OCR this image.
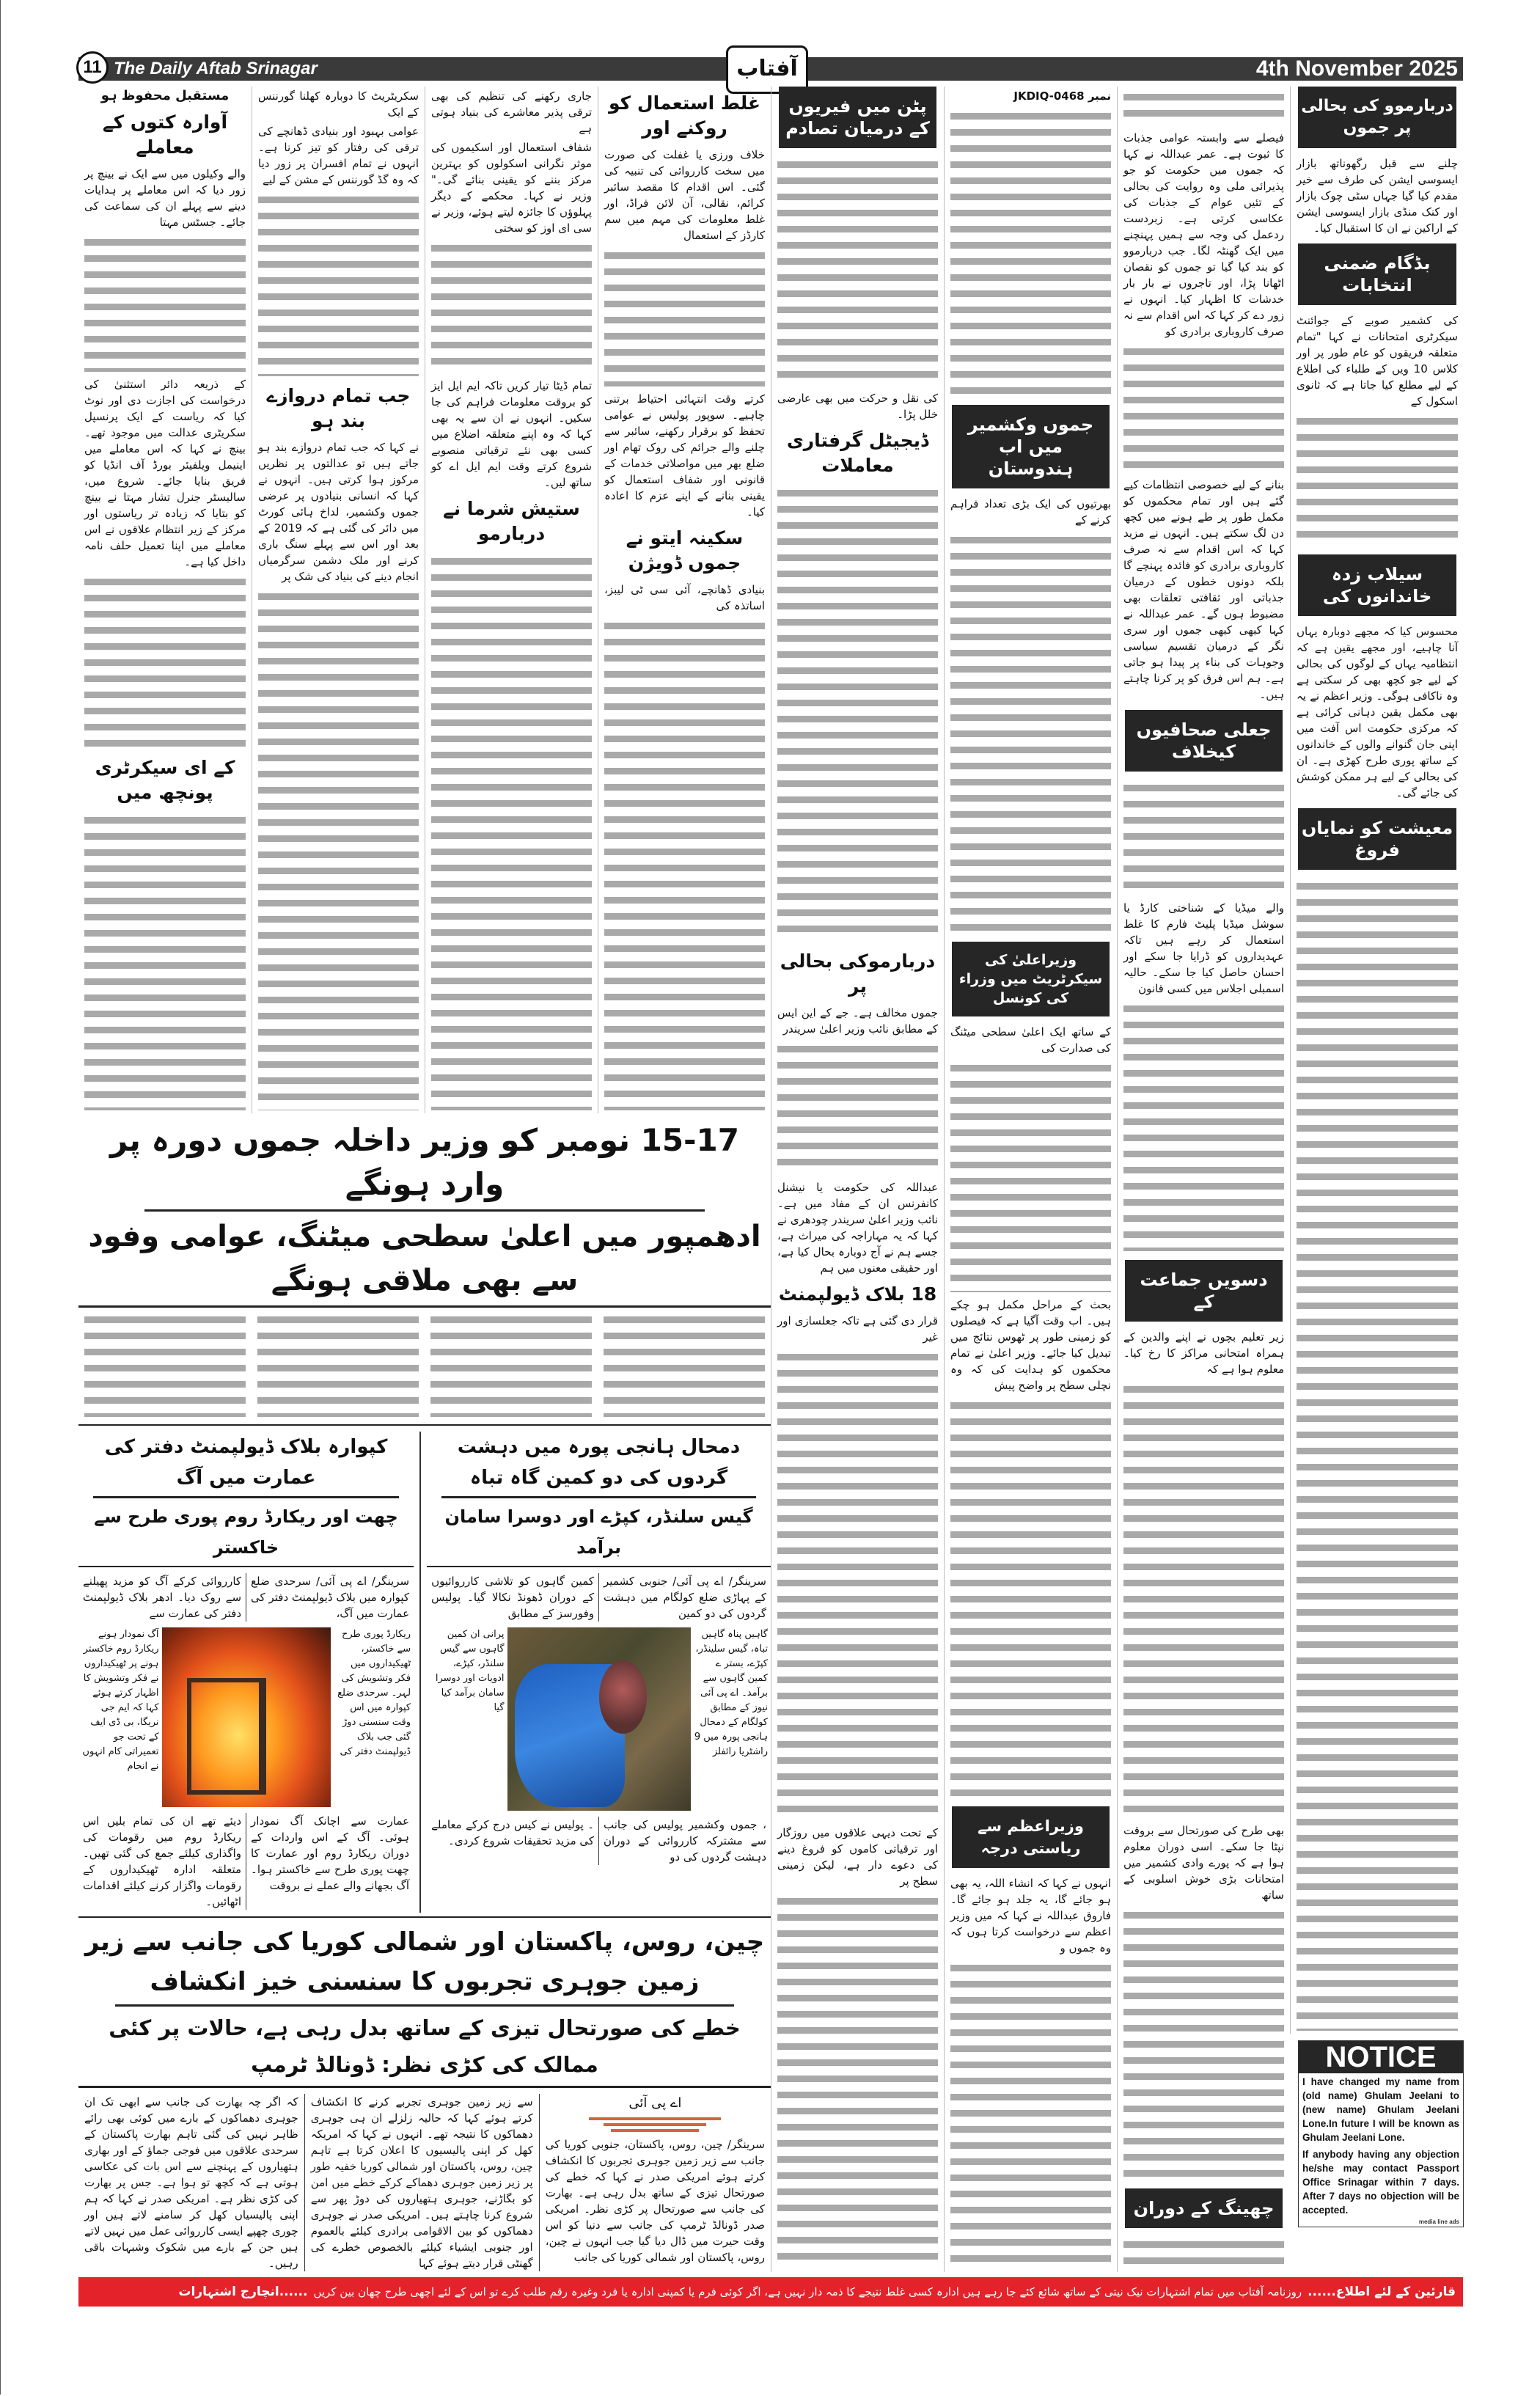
11 The Daily Aftab Srinagar	آفتاب	4th November 2025
مستقبل محفوظ ہو
آوارہ کتوں کے معاملے
والے وکیلوں میں سے ایک نے بینچ پر زور دیا کہ اس معاملے پر ہدایات دینے سے پہلے ان کی سماعت کی جائے۔ جسٹس مہتا
کے ذریعہ دائر استثنیٰ کی درخواست کی اجازت دی اور نوٹ کیا کہ ریاست کے ایک پرنسپل سکریٹری عدالت میں موجود تھے۔ بینچ نے کہا کہ اس معاملے میں اینیمل ویلفیئر بورڈ آف انڈیا کو فریق بنایا جائے۔ شروع میں، سالیسٹر جنرل تشار مہتا نے بینچ کو بتایا کہ زیادہ تر ریاستوں اور مرکز کے زیر انتظام علاقوں نے اس معاملے میں اپنا تعمیل حلف نامہ داخل کیا ہے۔
کے ای سیکرٹری پونچھ میں
سکریٹریٹ کا دوبارہ کھلنا گورننس کے ایک
عوامی بہبود اور بنیادی ڈھانچے کی ترقی کی رفتار کو تیز کرنا ہے۔ انہوں نے تمام افسران پر زور دیا کہ وہ گڈ گورننس کے مشن کے لیے
جب تمام دروازے بند ہو
نے کہا کہ جب تمام دروازے بند ہو جاتے ہیں تو عدالتوں پر نظریں مرکوز ہوا کرتی ہیں۔ انہوں نے کہا کہ انسانی بنیادوں پر عرضی جموں وکشمیر، لداخ ہائی کورٹ میں دائر کی گئی ہے کہ 2019 کے بعد اور اس سے پہلے سنگ باری کرنے اور ملک دشمن سرگرمیاں انجام دینے کی بنیاد کی شک پر
جاری رکھنے کی تنظیم کی بھی ترقی پذیر معاشرے کی بنیاد ہوتی ہے
شفاف استعمال اور اسکیموں کی موثر نگرانی اسکولوں کو بہترین مرکز بننے کو یقینی بنائے گی۔" وزیر نے کہا۔ محکمے کے دیگر پہلوؤں کا جائزہ لیتے ہوئے، وزیر نے سی ای اوز کو سختی
تمام ڈیٹا تیار کریں تاکہ ایم ایل ایز کو بروقت معلومات فراہم کی جا سکیں۔ انہوں نے ان سے یہ بھی کہا کہ وہ اپنے متعلقہ اضلاع میں کسی بھی نئے ترقیاتی منصوبے شروع کرتے وقت ایم ایل اے کو ساتھ لیں۔
ستیش شرما نے دربارمو
غلط استعمال کو روکنے اور
خلاف ورزی یا غفلت کی صورت میں سخت کارروائی کی تنبیہ کی گئی۔ اس اقدام کا مقصد سائبر کرائم، نقالی، آن لائن فراڈ، اور غلط معلومات کی مہم میں سم کارڈز کے استعمال
کرتے وقت انتہائی احتیاط برتنی چاہیے۔ سوپور پولیس نے عوامی تحفظ کو برقرار رکھنے، سائبر سے چلنے والے جرائم کی روک تھام اور ضلع بھر میں مواصلاتی خدمات کے قانونی اور شفاف استعمال کو یقینی بنانے کے اپنے عزم کا اعادہ کیا۔
سکینہ ایتو نے جموں ڈویژن
بنیادی ڈھانچے، آئی سی ٹی لیبز، اساتذہ کی
15-17 نومبر کو وزیر داخلہ جموں دورہ پر وارد ہونگے
ادھمپور میں اعلیٰ سطحی میٹنگ، عوامی وفود سے بھی ملاقی ہونگے
کپوارہ بلاک ڈیولپمنٹ دفتر کی عمارت میں آگ
چھت اور ریکارڈ روم پوری طرح سے خاکستر
کارروائی کرکے آگ کو مزید پھیلنے سے روک دیا۔ ادھر بلاک ڈیولپمنٹ دفتر کی عمارت سے
سرینگر/ اے پی آئی/ سرحدی ضلع کپوارہ میں بلاک ڈیولپمنٹ دفتر کی عمارت میں آگ،
آگ نمودار ہونے ریکارڈ روم خاکستر ہونے پر ٹھیکیداروں نے فکر وتشویش کا اظہار کرتے ہوئے کہا کہ ایم جی نریگا، بی ڈی ایف کے تحت جو تعمیراتی کام انہوں نے انجام
ریکارڈ پوری طرح سے خاکستر، ٹھیکیداروں میں فکر وتشویش کی لہر۔ سرحدی ضلع کپوارہ میں اس وقت سنسنی دوڑ گئی جب بلاک ڈیولپمنٹ دفتر کی
دیئے تھے ان کی تمام بلیں اس ریکارڈ روم میں رقومات کی واگذاری کیلئے جمع کی گئی تھیں۔ متعلقہ ادارہ ٹھیکیداروں کے رقومات واگزار کرنے کیلئے اقدامات اٹھائیں۔
عمارت سے اچانک آگ نمودار ہوئی۔ آگ کے اس واردات کے دوران ریکارڈ روم اور عمارت کا چھت پوری طرح سے خاکستر ہوا۔ آگ بجھانے والے عملے نے بروقت
دمحال ہانجی پورہ میں دہشت گردوں کی دو کمین گاہ تباہ
گیس سلنڈر، کپڑے اور دوسرا سامان برآمد
کمین گاہوں کو تلاشی کارروائیوں کے دوران ڈھونڈ نکالا گیا۔ پولیس وفورسز کے مطابق
سرینگر/ اے پی آئی/ جنوبی کشمیر کے پہاڑی ضلع کولگام میں دہشت گردوں کی دو کمین
پرانی ان کمین گاہوں سے گیس سلنڈر، کپڑے، ادویات اور دوسرا سامان برآمد کیا گیا
گاہیں پناہ گاہیں تباہ، گیس سلینڈر، کپڑے، بستر ے کمین گاہوں سے برآمد۔ اے پی آئی نیوز کے مطابق کولگام کے دمحال ہانجی پورہ میں 9 راشٹریا رائفلز
۔ پولیس نے کیس درج کرکے معاملے کی مزید تحقیقات شروع کردی۔
، جموں وکشمیر پولیس کی جانب سے مشترکہ کارروائی کے دوران دہشت گردوں کی دو
چین، روس، پاکستان اور شمالی کوریا کی جانب سے زیر زمین جوہری تجربوں کا سنسنی خیز انکشاف
خطے کی صورتحال تیزی کے ساتھ بدل رہی ہے، حالات پر کئی ممالک کی کڑی نظر: ڈونالڈ ٹرمپ
کہ اگر چہ بھارت کی جانب سے ابھی تک ان جوہری دھماکوں کے بارے میں کوئی بھی رائے ظاہر نہیں کی گئی تاہم بھارت پاکستان کے سرحدی علاقوں میں فوجی جماؤ کے اور بھاری ہتھیاروں کے پہنچنے سے اس بات کی عکاسی ہوتی ہے کہ کچھ تو ہوا ہے۔ جس پر بھارت کی کڑی نظر ہے۔ امریکی صدر نے کہا کہ ہم اپنی پالیسیاں کھل کر سامنے لاتے ہیں اور چوری چھپے ایسی کارروائی عمل میں نہیں لاتے ہیں جن کے بارے میں شکوک وشبہات باقی رہیں۔
سے زیر زمین جوہری تجربے کرنے کا انکشاف کرتے ہوئے کہا کہ حالیہ زلزلے ان ہی جوہری دھماکوں کا نتیجہ تھے۔ انہوں نے کہا کہ امریکہ کھل کر اپنی پالیسیوں کا اعلان کرتا ہے تاہم چین، روس، پاکستان اور شمالی کوریا خفیہ طور پر زیر زمین جوہری دھماکے کرکے خطے میں امن کو بگاڑنے، جوہری ہتھیاروں کی دوڑ پھر سے شروع کرنا چاہتے ہیں۔ امریکی صدر نے جوہری دھماکوں کو بین الاقوامی برادری کیلئے بالعموم اور جنوبی ایشیاء کیلئے بالخصوص خطرے کی گھنٹی قرار دیتے ہوئے کہا
اے پی آئی
سرینگر/ چین، روس، پاکستان، جنوبی کوریا کی جانب سے زیر زمین جوہری تجربوں کا انکشاف کرتے ہوئے امریکی صدر نے کہا کہ خطے کی صورتحال تیزی کے ساتھ بدل رہی ہے۔ بھارت کی جانب سے صورتحال پر کڑی نظر۔ امریکی صدر ڈونالڈ ٹرمپ کی جانب سے دنیا کو اس وقت حیرت میں ڈال دیا گیا جب انہوں نے چین، روس، پاکستان اور شمالی کوریا کی جانب
پٹن میں فیریوں کے درمیان تصادم
کی نقل و حرکت میں بھی عارضی خلل پڑا۔
ڈیجیٹل گرفتاری معاملات
دربارموکی بحالی پر
جموں مخالف ہے۔ جے کے این ایس کے مطابق نائب وزیر اعلیٰ سریندر
عبداللہ کی حکومت یا نیشنل کانفرنس ان کے مفاد میں ہے۔ نائب وزیر اعلیٰ سریندر چودھری نے کہا کہ یہ مہاراجہ کی میراث ہے، جسے ہم نے آج دوبارہ بحال کیا ہے، اور حقیقی معنوں میں ہم
18 بلاک ڈیولپمنٹ
قرار دی گئی ہے تاکہ جعلسازی اور غیر
کے تحت دیہی علاقوں میں روزگار اور ترقیاتی کاموں کو فروغ دینے کی دعوے دار ہے، لیکن زمینی سطح پر
نمبر JKDIQ-0468
جموں وکشمیر میں اب ہندوستان
بھرتیوں کی ایک بڑی تعداد فراہم کرنے کے
وزیراعلیٰ کی سیکرٹریٹ میں وزراء کی کونسل
کے ساتھ ایک اعلیٰ سطحی میٹنگ کی صدارت کی
بحث کے مراحل مکمل ہو چکے ہیں۔ اب وقت آگیا ہے کہ فیصلوں کو زمینی طور پر ٹھوس نتائج میں تبدیل کیا جائے۔ وزیر اعلیٰ نے تمام محکموں کو ہدایت کی کہ وہ نچلی سطح پر واضح پیش
وزیراعظم سے ریاستی درجہ
انہوں نے کہا کہ انشاء اللہ، یہ بھی ہو جائے گا، یہ جلد ہو جائے گا۔ فاروق عبداللہ نے کہا کہ میں وزیر اعظم سے درخواست کرتا ہوں کہ وہ جموں و
فیصلے سے وابستہ عوامی جذبات کا ثبوت ہے۔ عمر عبداللہ نے کہا کہ جموں میں حکومت کو جو پذیرائی ملی وہ روایت کی بحالی کے تئیں عوام کے جذبات کی عکاسی کرتی ہے۔ زبردست ردعمل کی وجہ سے ہمیں پہنچنے میں ایک گھنٹہ لگا۔ جب دربارموو کو بند کیا گیا تو جموں کو نقصان اٹھانا پڑا، اور تاجروں نے بار بار خدشات کا اظہار کیا۔ انہوں نے زور دے کر کہا کہ اس اقدام سے نہ صرف کاروباری برادری کو
بنانے کے لیے خصوصی انتظامات کیے گئے ہیں اور تمام محکموں کو مکمل طور پر طے ہونے میں کچھ دن لگ سکتے ہیں۔ انہوں نے مزید کہا کہ اس اقدام سے نہ صرف کاروباری برادری کو فائدہ پہنچے گا بلکہ دونوں خطوں کے درمیان جذباتی اور ثقافتی تعلقات بھی مضبوط ہوں گے۔ عمر عبداللہ نے کہا کبھی کبھی جموں اور سری نگر کے درمیان تقسیم سیاسی وجوہات کی بناء پر پیدا ہو جاتی ہے۔ ہم اس فرق کو پر کرنا چاہتے ہیں۔
جعلی صحافیوں کیخلاف
والے میڈیا کے شناختی کارڈ یا سوشل میڈیا پلیٹ فارم کا غلط استعمال کر رہے ہیں تاکہ عہدیداروں کو ڈرایا جا سکے اور احسان حاصل کیا جا سکے۔ حالیہ اسمبلی اجلاس میں کسی قانون
دسویں جماعت کے
زیر تعلیم بچوں نے اپنے والدین کے ہمراہ امتحانی مراکز کا رخ کیا۔ معلوم ہوا ہے کہ
بھی طرح کی صورتحال سے بروقت نپٹا جا سکے۔ اسی دوران معلوم ہوا ہے کہ پورے وادی کشمیر میں امتحانات بڑی خوش اسلوبی کے ساتھ
چھینگ کے دوران
دربارموو کی بحالی پر جموں
چلنے سے قبل رگھوناتھ بازار ایسوسی ایشن کی طرف سے خیر مقدم کیا گیا جہاں سٹی چوک بازار اور کنک منڈی بازار ایسوسی ایشن کے اراکین نے ان کا استقبال کیا۔
بڈگام ضمنی انتخابات
کی کشمیر صوبے کے جوائنٹ سیکرٹری امتحانات نے کہا "تمام متعلقہ فریقوں کو عام طور پر اور کلاس 10 ویں کے طلباء کی اطلاع کے لیے مطلع کیا جاتا ہے کہ ثانوی اسکول کے
سیلاب زدہ خاندانوں کی
محسوس کیا کہ مجھے دوبارہ یہاں آنا چاہیے، اور مجھے یقین ہے کہ انتظامیہ یہاں کے لوگوں کی بحالی کے لیے جو کچھ بھی کر سکتی ہے وہ ناکافی ہوگی۔ وزیر اعظم نے یہ بھی مکمل یقین دہانی کرائی ہے کہ مرکزی حکومت اس آفت میں اپنی جان گنوانے والوں کے خاندانوں کے ساتھ پوری طرح کھڑی ہے۔ ان کی بحالی کے لیے ہر ممکن کوشش کی جائے گی۔
معیشت کو نمایاں فروغ
NOTICE
I have changed my name from (old name) Ghulam Jeelani to (new name) Ghulam Jeelani Lone.In future I will be known as Ghulam Jeelani Lone.
If anybody having any objection he/she may contact Passport Office Srinagar within 7 days. After 7 days no objection will be accepted.
media line ads
قارئین کے لئے اطلاع......
روزنامہ آفتاب میں تمام اشتہارات نیک نیتی کے ساتھ شائع کئے جا رہے ہیں ادارہ کسی غلط نتیجے کا ذمہ دار نہیں ہے، اگر کوئی فرم یا کمپنی ادارہ یا فرد وغیرہ رقم طلب کرے تو اس کے لئے اچھی طرح چھان بین کریں
......انچارج اشتہارات
